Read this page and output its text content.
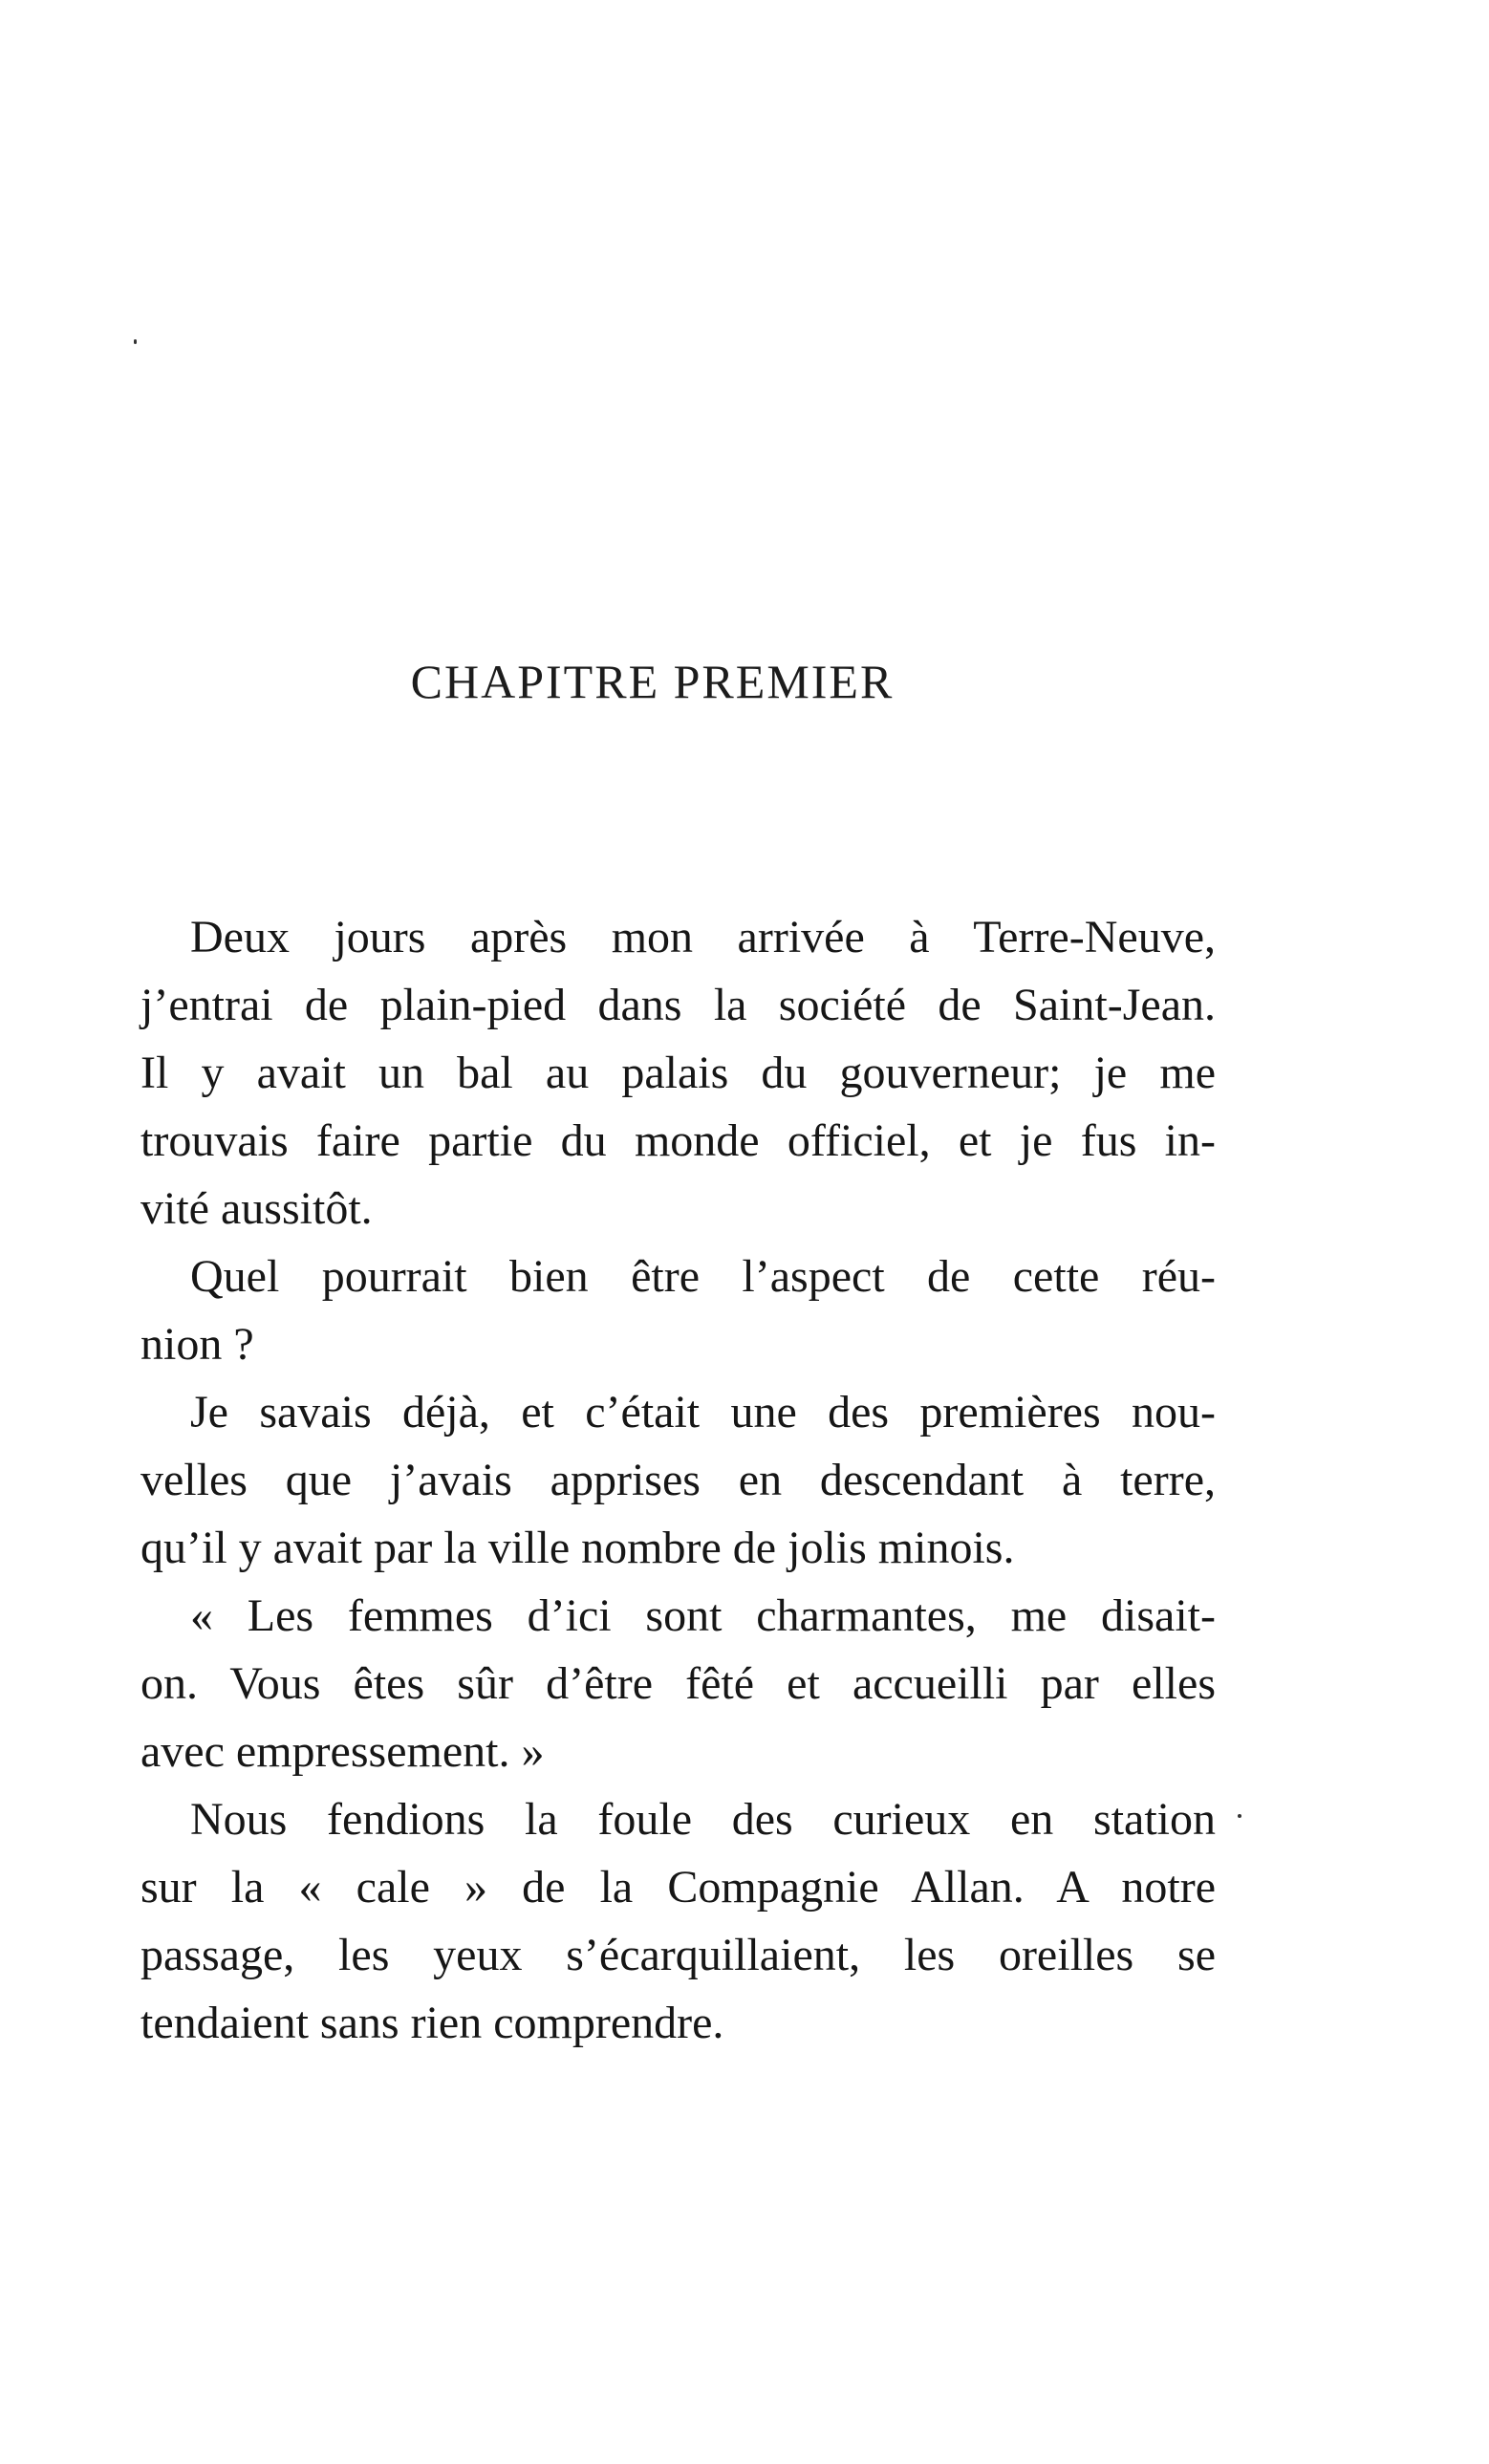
CHAPITRE PREMIER
Deux jours après mon arrivée à Terre-Neuve,
j’entrai de plain-pied dans la société de Saint-Jean.
Il y avait un bal au palais du gouverneur; je me
trouvais faire partie du monde officiel, et je fus in-
vité aussitôt.
Quel pourrait bien être l’aspect de cette réu-
nion ?
Je savais déjà, et c’était une des premières nou-
velles que j’avais apprises en descendant à terre,
qu’il y avait par la ville nombre de jolis minois.
« Les femmes d’ici sont charmantes, me disait-
on. Vous êtes sûr d’être fêté et accueilli par elles
avec empressement. »
Nous fendions la foule des curieux en station
sur la « cale » de la Compagnie Allan. A notre
passage, les yeux s’écarquillaient, les oreilles se
tendaient sans rien comprendre.
